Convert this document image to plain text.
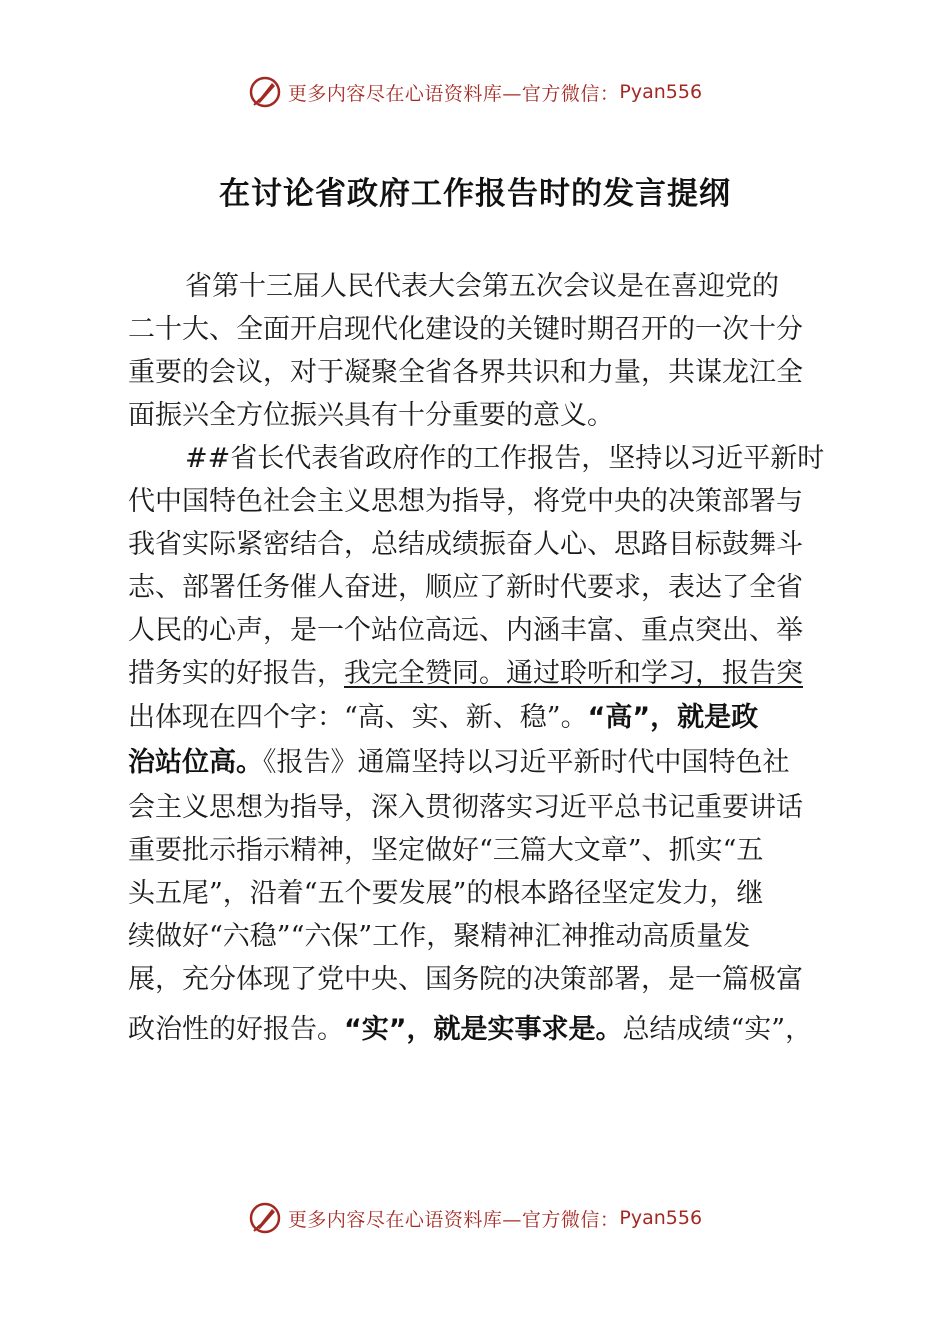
更多内容尽在心语资料库—官方微信： Pyan556
在讨论省政府工作报告时的发言提纲
省第十三届人民代表大会第五次会议是在喜迎党的
二十大、全面开启现代化建设的关键时期召开的一次十分
重要的会议，对于凝聚全省各界共识和力量，共谋龙江全
面振兴全方位振兴具有十分重要的意义。
##省长代表省政府作的工作报告，坚持以习近平新时
代中国特色社会主义思想为指导，将党中央的决策部署与
我省实际紧密结合，总结成绩振奋人心、思路目标鼓舞斗
志、部署任务催人奋进，顺应了新时代要求，表达了全省
人民的心声，是一个站位高远、内涵丰富、重点突出、举
措务实的好报告，我完全赞同。通过聆听和学习，报告突
出体现在四个字：“高、实、新、稳”。“高”，就是政
治站位高。《报告》通篇坚持以习近平新时代中国特色社
会主义思想为指导，深入贯彻落实习近平总书记重要讲话
重要批示指示精神，坚定做好“三篇大文章”、抓实“五
头五尾”，沿着“五个要发展”的根本路径坚定发力，继
续做好“六稳”“六保”工作，聚精神汇神推动高质量发
展，充分体现了党中央、国务院的决策部署，是一篇极富
政治性的好报告。“实”，就是实事求是。总结成绩“实”，
更多内容尽在心语资料库—官方微信： Pyan556
